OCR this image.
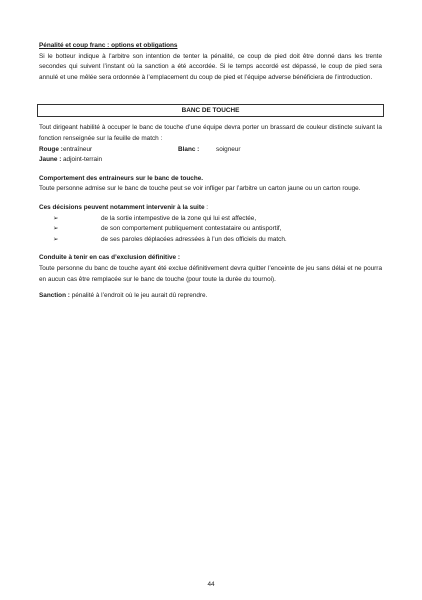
Pénalité et coup franc : options et obligations
Si le botteur indique à l’arbitre son intention de tenter la pénalité, ce coup de pied doit être donné dans les trente secondes qui suivent l’instant où la sanction a été accordée. Si le temps accordé est dépassé, le coup de pied sera annulé et une mêlée sera ordonnée à l’emplacement du coup de pied et l’équipe adverse bénéficiera de l’introduction.
BANC DE TOUCHE
Tout dirigeant habilité à occuper le banc de touche d’une équipe devra porter un brassard de couleur distincte suivant la fonction renseignée sur la feuille de match :
Rouge : entraîneur	Blanc :	soigneur
Jaune : adjoint-terrain
Comportement des entraineurs sur le banc de touche.
Toute personne admise sur le banc de touche peut se voir infliger par l’arbitre un carton jaune ou un carton rouge.
Ces décisions peuvent notamment intervenir à la suite :
➢	de la sortie intempestive de la zone qui lui est affectée,
➢	de son comportement publiquement contestataire ou antisportif,
➢	de ses paroles déplacées adressées à l’un des officiels du match.
Conduite à tenir en cas d’exclusion définitive :
Toute personne du banc de touche ayant été exclue définitivement devra quitter l’enceinte de jeu sans délai et ne pourra en aucun cas être remplacée sur le banc de touche (pour toute la durée du tournoi).
Sanction : pénalité à l’endroit où le jeu aurait dû reprendre.
44
